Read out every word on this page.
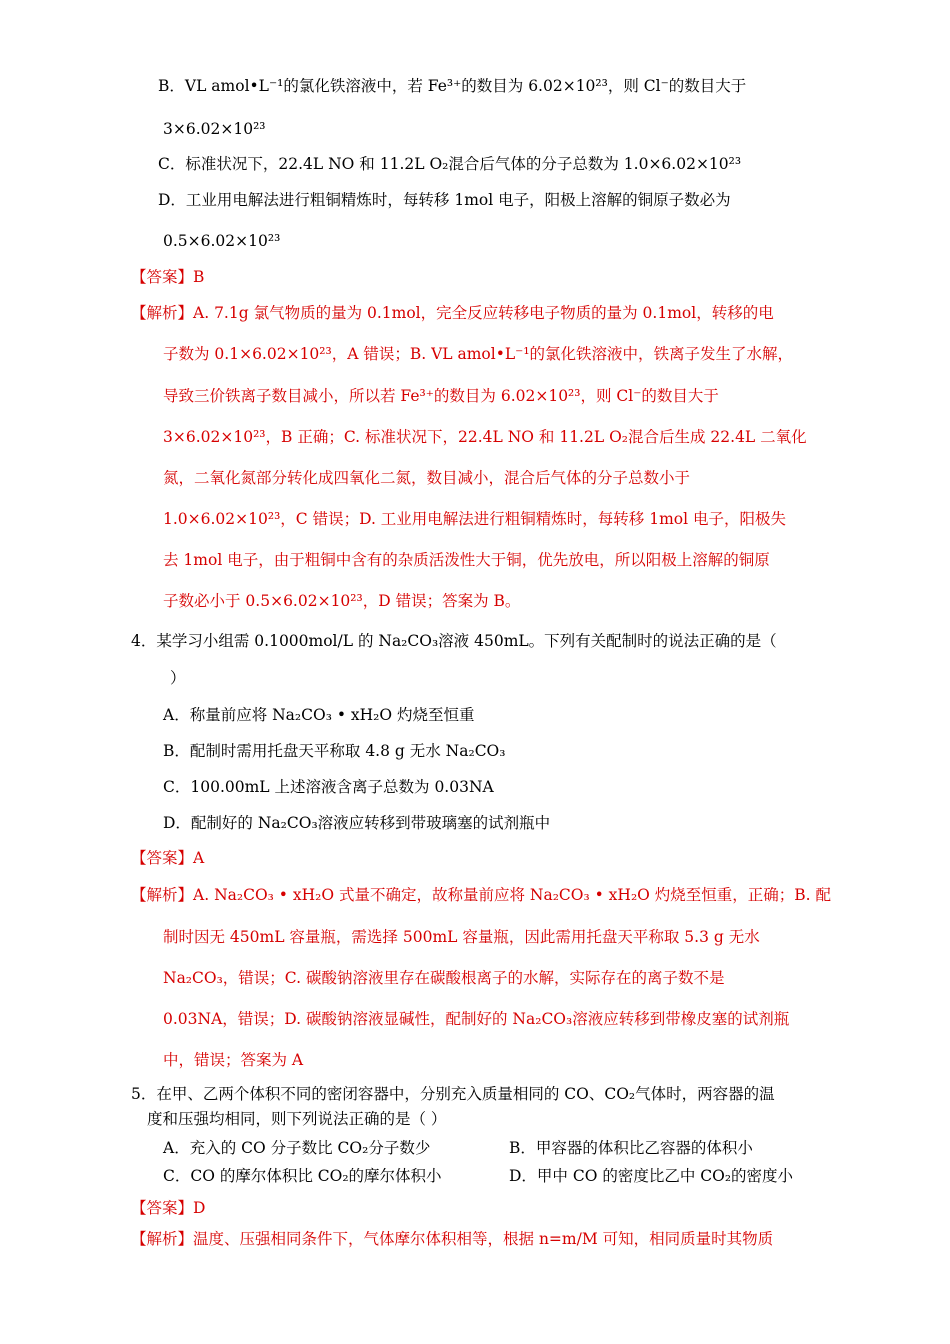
B．VL amol•L⁻¹的氯化铁溶液中，若 Fe³⁺的数目为 6.02×10²³，则 Cl⁻的数目大于
3×6.02×10²³
C．标准状况下，22.4L NO 和 11.2L O₂混合后气体的分子总数为 1.0×6.02×10²³
D．工业用电解法进行粗铜精炼时，每转移 1mol 电子，阳极上溶解的铜原子数必为
0.5×6.02×10²³
【答案】B
【解析】A. 7.1g 氯气物质的量为 0.1mol，完全反应转移电子物质的量为 0.1mol，转移的电
子数为 0.1×6.02×10²³，A 错误；B. VL amol•L⁻¹的氯化铁溶液中，铁离子发生了水解，
导致三价铁离子数目减小，所以若 Fe³⁺的数目为 6.02×10²³，则 Cl⁻的数目大于
3×6.02×10²³，B 正确；C. 标准状况下，22.4L NO 和 11.2L O₂混合后生成 22.4L 二氧化
氮，二氧化氮部分转化成四氧化二氮，数目减小，混合后气体的分子总数小于
1.0×6.02×10²³，C 错误；D. 工业用电解法进行粗铜精炼时，每转移 1mol 电子，阳极失
去 1mol 电子，由于粗铜中含有的杂质活泼性大于铜，优先放电，所以阳极上溶解的铜原
子数必小于 0.5×6.02×10²³，D 错误；答案为 B。
4．某学习小组需 0.1000mol/L 的 Na₂CO₃溶液 450mL。下列有关配制时的说法正确的是（
）
A．称量前应将 Na₂CO₃ • xH₂O 灼烧至恒重
B．配制时需用托盘天平称取 4.8 g 无水 Na₂CO₃
C．100.00mL 上述溶液含离子总数为 0.03NA
D．配制好的 Na₂CO₃溶液应转移到带玻璃塞的试剂瓶中
【答案】A
【解析】A. Na₂CO₃ • xH₂O 式量不确定，故称量前应将 Na₂CO₃ • xH₂O 灼烧至恒重，正确；B. 配
制时因无 450mL 容量瓶，需选择 500mL 容量瓶，因此需用托盘天平称取 5.3 g 无水
Na₂CO₃，错误；C. 碳酸钠溶液里存在碳酸根离子的水解，实际存在的离子数不是
0.03NA，错误；D. 碳酸钠溶液显碱性，配制好的 Na₂CO₃溶液应转移到带橡皮塞的试剂瓶
中，错误；答案为 A
5．在甲、乙两个体积不同的密闭容器中，分别充入质量相同的 CO、CO₂气体时，两容器的温
度和压强均相同，则下列说法正确的是（ ）
A．充入的 CO 分子数比 CO₂分子数少	B．甲容器的体积比乙容器的体积小
C．CO 的摩尔体积比 CO₂的摩尔体积小	D．甲中 CO 的密度比乙中 CO₂的密度小
【答案】D
【解析】温度、压强相同条件下，气体摩尔体积相等，根据 n=m/M 可知，相同质量时其物质
